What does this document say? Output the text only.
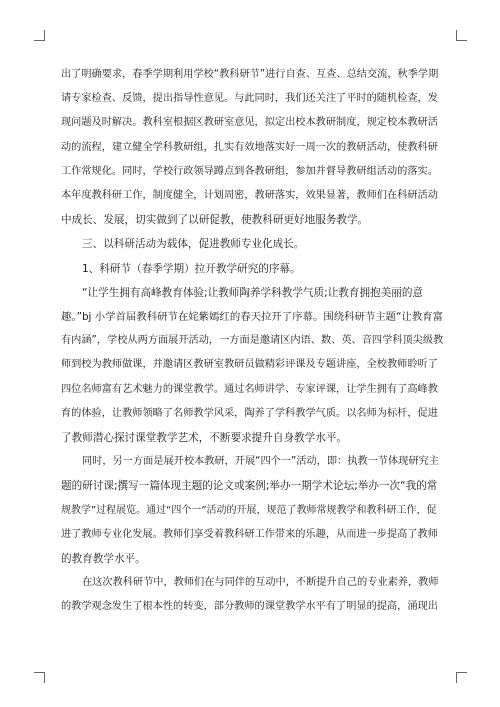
出了明确要求，春季学期利用学校“教科研节”进行自查、互查、总结交流，秋季学期
请专家检查、反馈，提出指导性意见。与此同时，我们还关注了平时的随机检查，发
现问题及时解决。教科室根据区教研室意见，拟定出校本教研制度，规定校本教研活
动的流程，建立健全学科教研组，扎实有效地落实好一周一次的教研活动，使教科研
工作常规化。同时，学校行政领导蹲点到各教研组，参加并督导教研组活动的落实。
本年度教科研工作，制度健全，计划周密，教研落实，效果显著，教师们在科研活动
中成长、发展，切实做到了以研促教，使教科研更好地服务教学。
三、以科研活动为载体，促进教师专业化成长。
1、科研节（春季学期）拉开教学研究的序幕。
“让学生拥有高峰教育体验;让教师陶养学科教学气质;让教育拥抱美丽的意
趣。”bj 小学首届教科研节在姹紫嫣红的春天拉开了序幕。围绕科研节主题“让教育富
有内涵”，学校从两方面展开活动，一方面是邀请区内语、数、英、音四学科顶尖级教
师到校为教师做课，并邀请区教研室教研员做精彩评课及专题讲座，全校教师聆听了
四位名师富有艺术魅力的课堂教学。通过名师讲学、专家评课，让学生拥有了高峰教
育的体验，让教师领略了名师教学风采，陶养了学科教学气质。以名师为标杆，促进
了教师潜心探讨课堂教学艺术，不断要求提升自身教学水平。
同时，另一方面是展开校本教研，开展“四个一”活动，即：执教一节体现研究主
题的研讨课;撰写一篇体现主题的论文或案例;举办一期学术论坛;举办一次“我的常
规教学”过程展览。通过“四个一”活动的开展，规范了教师常规教学和教科研工作，促
进了教师专业化发展。教师们享受着教科研工作带来的乐趣，从而进一步提高了教师
的教育教学水平。
在这次教科研节中，教师们在与同伴的互动中，不断提升自己的专业素养，教师
的教学观念发生了根本性的转变，部分教师的课堂教学水平有了明显的提高，涌现出
